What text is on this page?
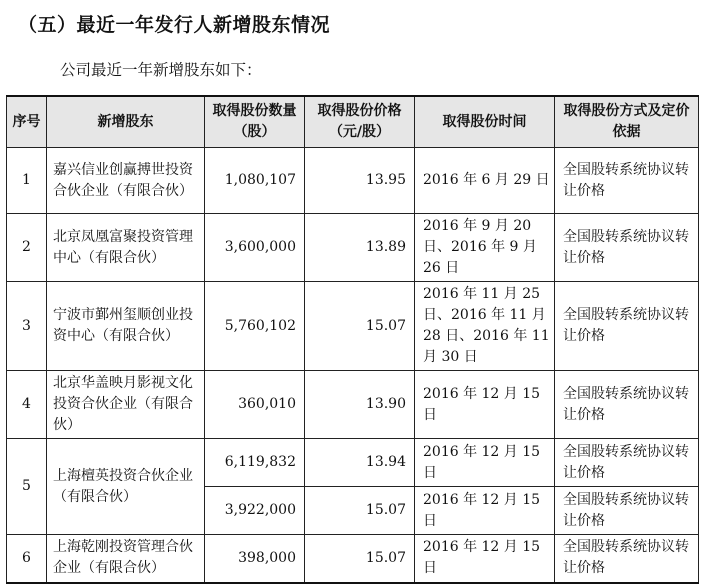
（五）最近一年发行人新增股东情况
公司最近一年新增股东如下：
序号	新增股东	取得股份数量（股）	取得股份价格（元/股）	取得股份时间	取得股份方式及定价依据
1	嘉兴信业创赢搏世投资合伙企业（有限合伙）	1,080,107	13.95	2016 年 6 月 29 日	全国股转系统协议转让价格
2	北京凤凰富聚投资管理中心（有限合伙）	3,600,000	13.89	2016 年 9 月 20 日、2016 年 9 月 26 日	全国股转系统协议转让价格
3	宁波市鄞州玺顺创业投资中心（有限合伙）	5,760,102	15.07	2016 年 11 月 25 日、2016 年 11 月 28 日、2016 年 11 月 30 日	全国股转系统协议转让价格
4	北京华盖映月影视文化投资合伙企业（有限合伙）	360,010	13.90	2016 年 12 月 15 日	全国股转系统协议转让价格
5	上海檀英投资合伙企业（有限合伙）	6,119,832	13.94	2016 年 12 月 15 日	全国股转系统协议转让价格
		3,922,000	15.07	2016 年 12 月 15 日	全国股转系统协议转让价格
6	上海乾刚投资管理合伙企业（有限合伙）	398,000	15.07	2016 年 12 月 15 日	全国股转系统协议转让价格
